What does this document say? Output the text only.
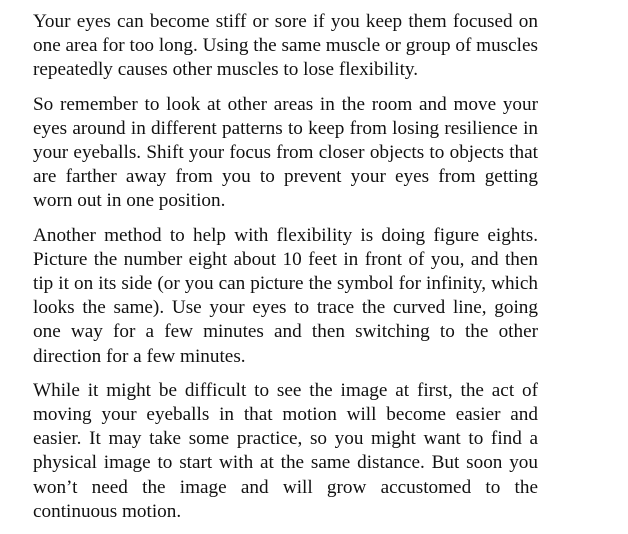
Your eyes can become stiff or sore if you keep them focused on one area for too long. Using the same muscle or group of muscles repeatedly causes other muscles to lose flexibility.

So remember to look at other areas in the room and move your eyes around in different patterns to keep from losing resilience in your eyeballs. Shift your focus from closer objects to objects that are farther away from you to prevent your eyes from getting worn out in one position.

Another method to help with flexibility is doing figure eights. Picture the number eight about 10 feet in front of you, and then tip it on its side (or you can picture the symbol for infinity, which looks the same). Use your eyes to trace the curved line, going one way for a few minutes and then switching to the other direction for a few minutes.

While it might be difficult to see the image at first, the act of moving your eyeballs in that motion will become easier and easier. It may take some practice, so you might want to find a physical image to start with at the same distance. But soon you won’t need the image and will grow accustomed to the continuous motion.
